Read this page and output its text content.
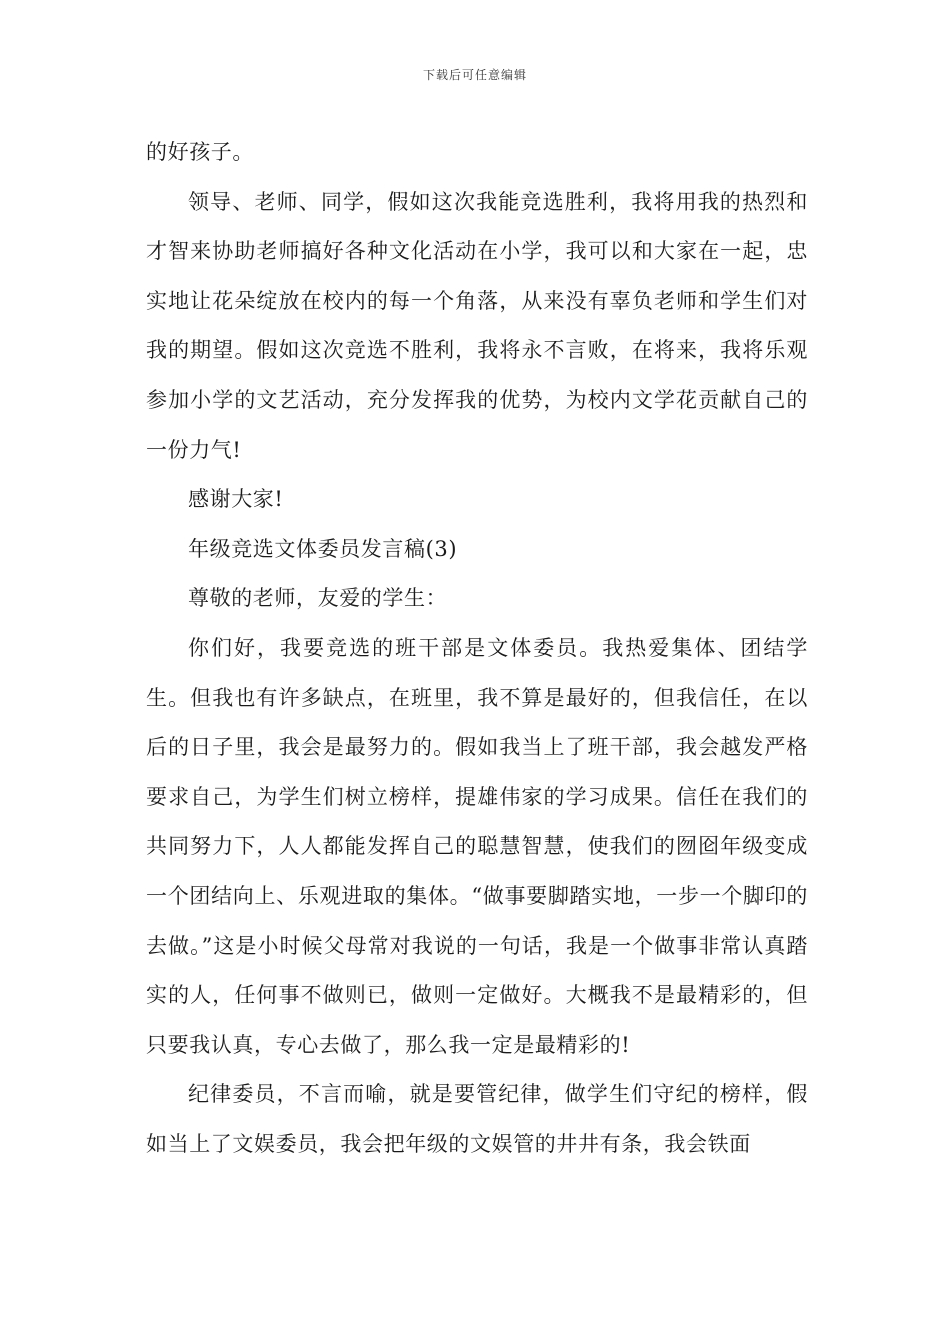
下载后可任意编辑

的好孩子。

领导、老师、同学，假如这次我能竞选胜利，我将用我的热烈和才智来协助老师搞好各种文化活动在小学，我可以和大家在一起，忠实地让花朵绽放在校内的每一个角落，从来没有辜负老师和学生们对我的期望。假如这次竞选不胜利，我将永不言败，在将来，我将乐观参加小学的文艺活动，充分发挥我的优势，为校内文学花贡献自己的一份力气!

感谢大家!

年级竞选文体委员发言稿(3)

尊敬的老师，友爱的学生：

你们好，我要竞选的班干部是文体委员。我热爱集体、团结学生。但我也有许多缺点，在班里，我不算是最好的，但我信任，在以后的日子里，我会是最努力的。假如我当上了班干部，我会越发严格要求自己，为学生们树立榜样，提雄伟家的学习成果。信任在我们的共同努力下，人人都能发挥自己的聪慧智慧，使我们的囫囵年级变成一个团结向上、乐观进取的集体。“做事要脚踏实地，一步一个脚印的去做。”这是小时候父母常对我说的一句话，我是一个做事非常认真踏实的人，任何事不做则已，做则一定做好。大概我不是最精彩的，但只要我认真，专心去做了，那么我一定是最精彩的!

纪律委员，不言而喻，就是要管纪律，做学生们守纪的榜样，假如当上了文娱委员，我会把年级的文娱管的井井有条，我会铁面
